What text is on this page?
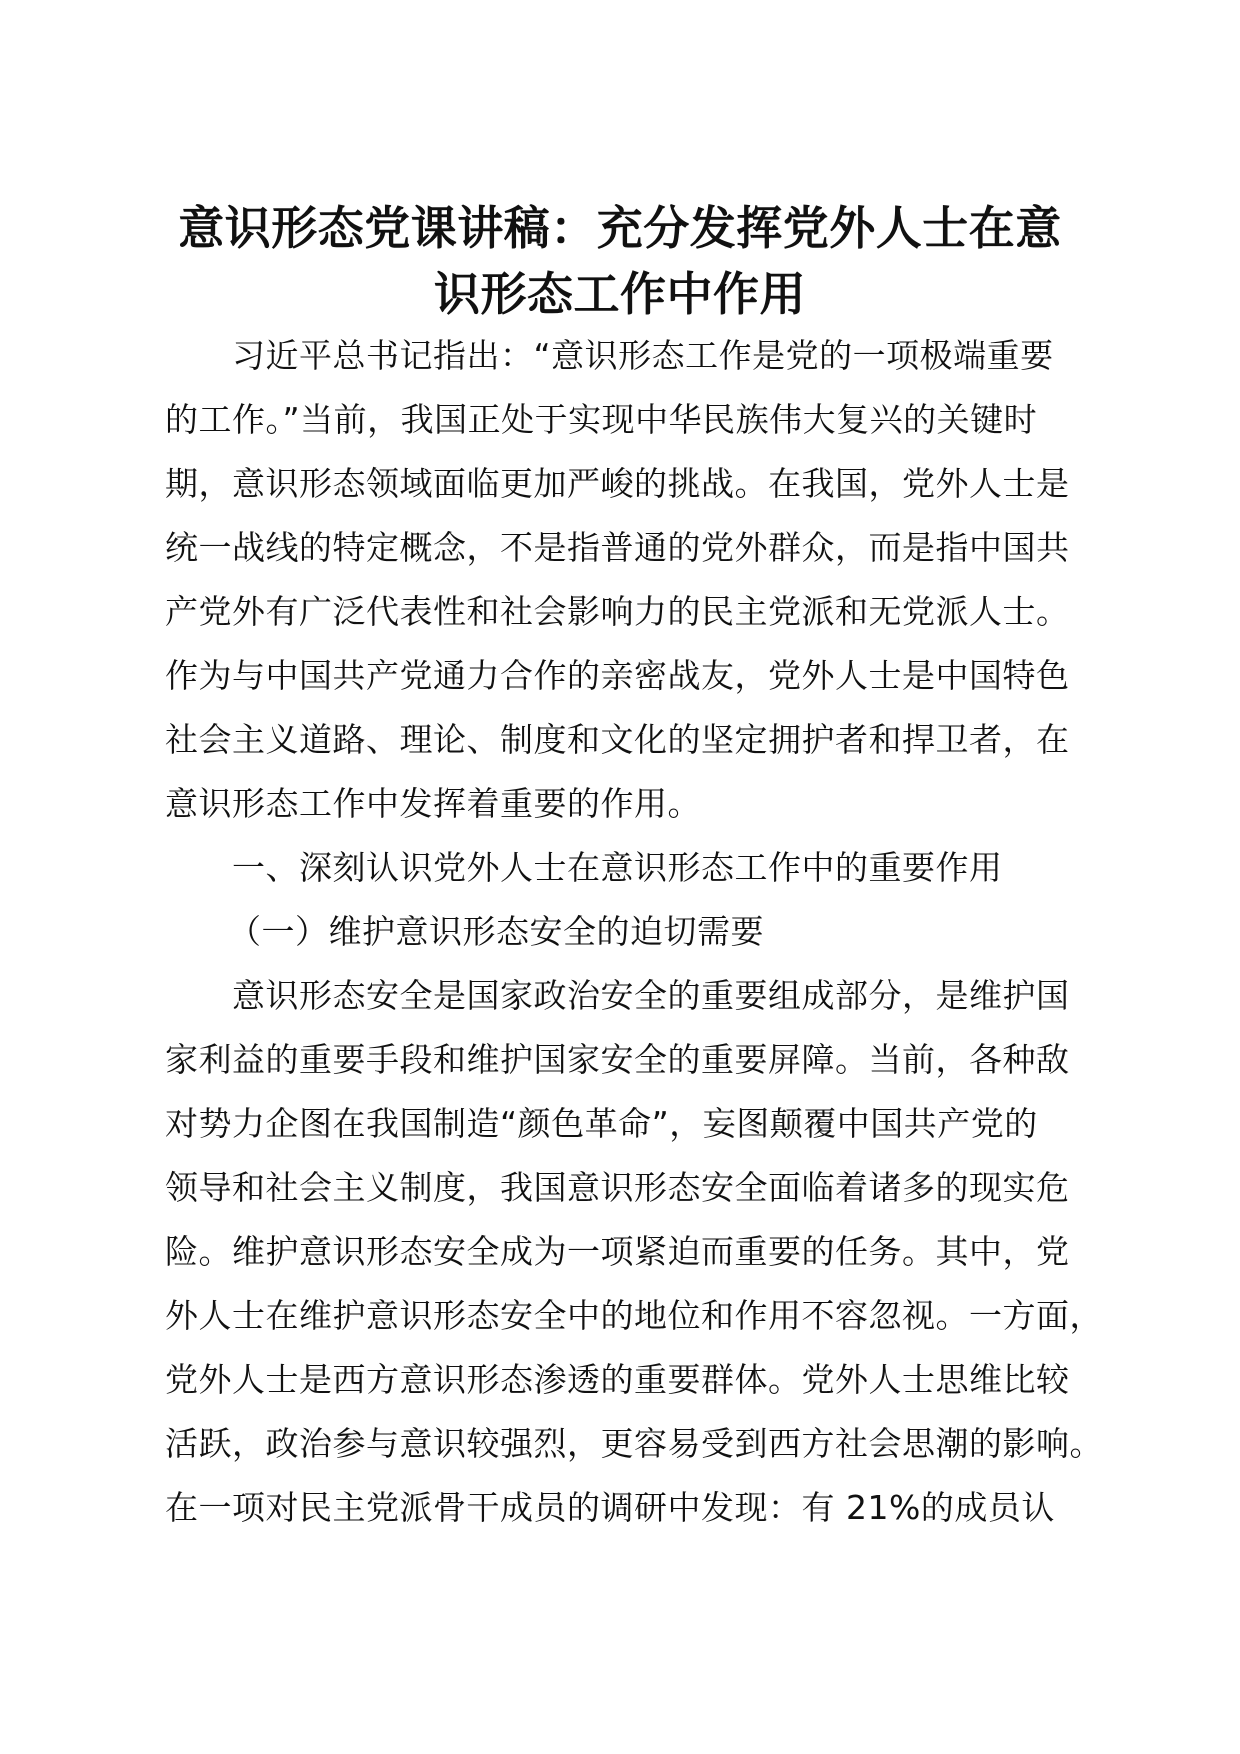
意识形态党课讲稿：充分发挥党外人士在意
识形态工作中作用
习近平总书记指出：“意识形态工作是党的一项极端重要
的工作。”当前，我国正处于实现中华民族伟大复兴的关键时
期，意识形态领域面临更加严峻的挑战。在我国，党外人士是
统一战线的特定概念，不是指普通的党外群众，而是指中国共
产党外有广泛代表性和社会影响力的民主党派和无党派人士。
作为与中国共产党通力合作的亲密战友，党外人士是中国特色
社会主义道路、理论、制度和文化的坚定拥护者和捍卫者，在
意识形态工作中发挥着重要的作用。
一、深刻认识党外人士在意识形态工作中的重要作用
（一）维护意识形态安全的迫切需要
意识形态安全是国家政治安全的重要组成部分，是维护国
家利益的重要手段和维护国家安全的重要屏障。当前，各种敌
对势力企图在我国制造“颜色革命”，妄图颠覆中国共产党的
领导和社会主义制度，我国意识形态安全面临着诸多的现实危
险。维护意识形态安全成为一项紧迫而重要的任务。其中，党
外人士在维护意识形态安全中的地位和作用不容忽视。一方面，
党外人士是西方意识形态渗透的重要群体。党外人士思维比较
活跃，政治参与意识较强烈，更容易受到西方社会思潮的影响。
在一项对民主党派骨干成员的调研中发现：有 21%的成员认
